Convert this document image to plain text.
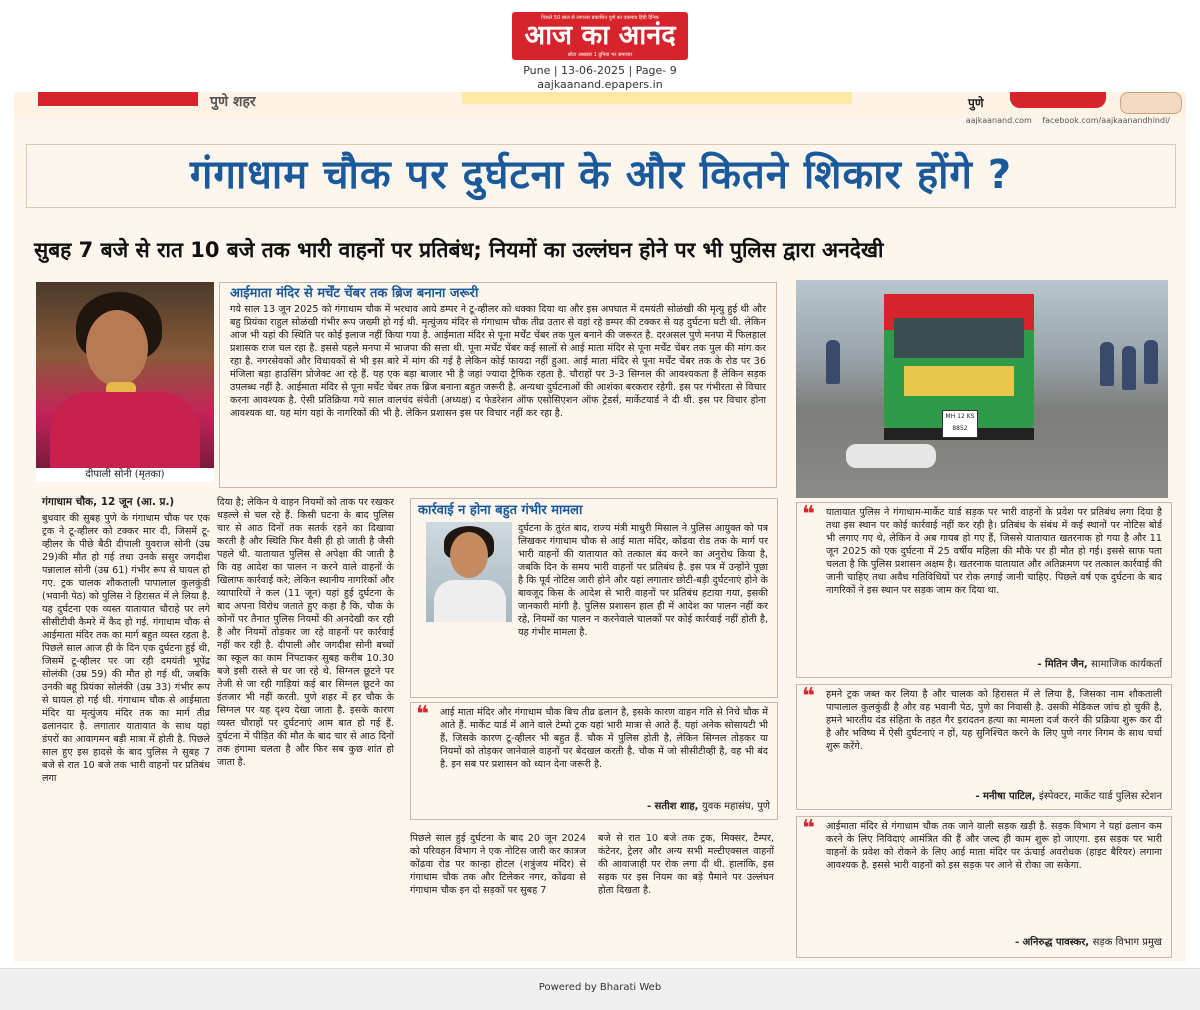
पिछले 50 साल से लगातार प्रकाशित पुणे का एकमात्र हिंदी दैनिक
आज का आनंद
छोटा अखबार 1 दुनिया भर समाचार
Pune | 13-06-2025 | Page- 9
aajkaanand.epapers.in
पुणे शहर	पुणे
aajkaanand.com facebook.com/aajkaanandhindi/
गंगाधाम चौक पर दुर्घटना के और कितने शिकार होंगे ?
सुबह 7 बजे से रात 10 बजे तक भारी वाहनों पर प्रतिबंध; नियमों का उल्लंघन होने पर भी पुलिस द्वारा अनदेखी
दीपाली सोनी (मृतका)
आईमाता मंदिर से मर्चेंट चेंबर तक ब्रिज बनाना जरूरी
गये साल 13 जून 2025 को गंगाधाम चौक में भरधाव आये डम्पर ने टू-व्हीलर को धक्का दिया था और इस अपघात में दमयंती सोळंखी की मृत्यु हुई थी और बहु प्रियंका राहुल सोळंखी गंभीर रूप जख्मी हो गई थी. मृत्युंजय मंदिर से गंगाधाम चौक तीव्र उतार से वहां रहे डम्पर की टक्कर से यह दुर्घटना घटी थी. लेकिन आज भी यहां की स्थिति पर कोई इलाज नहीं किया गया है. आईमाता मंदिर से पूना मर्चेंट चेंबर तक पुल बनाने की जरूरत है. दरअसल पुणे मनपा में फिलहाल प्रशासक राज चल रहा है. इससे पहले मनपा में भाजपा की सत्ता थी. पूना मर्चेंट चेंबर कई सालों से आई माता मंदिर से पूना मर्चेंट चेंबर तक पुल की मांग कर रहा है. नगरसेवकों और विधायकों से भी इस बारे में मांग की गई है लेकिन कोई फायदा नहीं हुआ. आई माता मंदिर से पूना मर्चेंट चेंबर तक के रोड पर 36 मंजिला बड़ा हाउसिंग प्रोजेक्ट आ रहे हैं. यह एक बड़ा बाजार भी है जहां ज्यादा ट्रैफिक रहता है. चौराहों पर 3-3 सिग्नल की आवश्यकता हैं लेकिन सड़क उपलब्ध नहीं है. आईमाता मंदिर से पूना मर्चेंट चेंबर तक ब्रिज बनाना बहुत जरूरी है. अन्यथा दुर्घटनाओं की आशंका बरकरार रहेगी. इस पर गंभीरता से विचार करना आवश्यक है. ऐसी प्रतिक्रिया गये साल वालचंद संचेती (अध्यक्ष) द फेडरेशन ऑफ एसोसिएशन ऑफ ट्रेडर्स, मार्केटयार्ड ने दी थी. इस पर विचार होना आवश्यक था. यह मांग यहां के नागरिकों की भी है. लेकिन प्रशासन इस पर विचार नहीं कर रहा है.	MH 12 KS 8852
गंगाधाम चौक, 12 जून (आ. प्र.)
बुधवार की सुबह पुणे के गंगाधाम चौक पर एक ट्रक ने टू-व्हीलर को टक्कर मार दी, जिसमें टू-व्हीलर के पीछे बैठी दीपाली युवराज सोनी (उम्र 29)की मौत हो गई तथा उनके ससुर जगदीश पन्नालाल सोनी (उम्र 61) गंभीर रूप से घायल हो गए. ट्रक चालक शौकताली पापालाल कुलकुंडी (भवानी पेठ) को पुलिस ने हिरासत में ले लिया है. यह दुर्घटना एक व्यस्त यातायात चौराहे पर लगे सीसीटीवी कैमरे में कैद हो गई. गंगाधाम चौक से आईमाता मंदिर तक का मार्ग बहुत व्यस्त रहता है. पिछले साल आज ही के दिन एक दुर्घटना हुई थी, जिसमें टू-व्हीलर पर जा रही दमयंती भूपेंद्र सोलंकी (उम्र 59) की मौत हो गई थी, जबकि उनकी बहू प्रियंका सोलंकी (उम्र 33) गंभीर रूप से घायल हो गई थी. गंगाधाम चौक से आईमाता मंदिर या मृत्युंजय मंदिर तक का मार्ग तीव्र ढलानदार है. लगातार यातायात के साथ यहां डंपरों का आवागमन बड़ी मात्रा में होती है. पिछले साल हुए इस हादसे के बाद पुलिस ने सुबह 7 बजे से रात 10 बजे तक भारी वाहनों पर प्रतिबंध लगा
दिया है; लेकिन ये वाहन नियमों को ताक पर रखकर धड़ल्ले से चल रहे हैं. किसी घटना के बाद पुलिस चार से आठ दिनों तक सतर्क रहने का दिखावा करती है और स्थिति फिर वैसी ही हो जाती है जैसी पहले थी. यातायात पुलिस से अपेक्षा की जाती है कि वह आदेश का पालन न करने वाले वाहनों के खिलाफ कार्रवाई करे; लेकिन स्थानीय नागरिकों और व्यापारियों ने कल (11 जून) यहां हुई दुर्घटना के बाद अपना विरोध जताते हुए कहा है कि, चौक के कोनों पर तैनात पुलिस नियमों की अनदेखी कर रही है और नियमों तोड़कर जा रहे वाहनों पर कार्रवाई नहीं कर रही है. दीपाली और जगदीश सोनी बच्चों का स्कूल का काम निपटाकर सुबह करीब 10.30 बजे इसी रास्ते से घर जा रहे थे. सिग्नल छूटने पर तेजी से जा रही गाड़ियां कई बार सिग्नल छूटने का इंतजार भी नहीं करती. पुणे शहर में हर चौक के सिग्नल पर यह दृश्य देखा जाता है. इसके कारण व्यस्त चौराहों पर दुर्घटनाएं आम बात हो गई हैं. दुर्घटना में पीड़ित की मौत के बाद चार से आठ दिनों तक हंगामा चलता है और फिर सब कुछ शांत हो जाता है.
कार्रवाई न होना बहुत गंभीर मामला
दुर्घटना के तुरंत बाद, राज्य मंत्री माधुरी मिसाल ने पुलिस आयुक्त को पत्र लिखकर गंगाधाम चौक से आई माता मंदिर, कोंढवा रोड तक के मार्ग पर भारी वाहनों की यातायात को तत्काल बंद करने का अनुरोध किया है, जबकि दिन के समय भारी वाहनों पर प्रतिबंध है. इस पत्र में उन्होंने पूछा है कि पूर्व नोटिस जारी होने और यहां लगातार छोटी-बड़ी दुर्घटनाएं होने के बावजूद किस के आदेश से भारी वाहनों पर प्रतिबंध हटाया गया, इसकी जानकारी मांगी है. पुलिस प्रशासन हाल ही में आदेश का पालन नहीं कर रहे, नियमों का पालन न करनेवाले चालकों पर कोई कार्रवाई नहीं होती है, यह गंभीर मामला है.
❝ आई माता मंदिर और गंगाधाम चौक बिच तीव्र ढलान है, इसके कारण वाहन गति से निचे चौक में आते हैं. मार्केट यार्ड में आने वाले टेम्पो ट्रक यहां भारी मात्रा से आते हैं. यहां अनेक सोसायटी भी हैं, जिसके कारण टू-व्हीलर भी बहुत हैं. चौक में पुलिस होती है, लेकिन सिग्नल तोड़कर या नियमों को तोड़कर जानेवाले वाहनों पर बेदखल करती है. चौक में जो सीसीटीव्ही है, वह भी बंद है. इन सब पर प्रशासन को ध्यान देना जरूरी है.
- सतीश शाह, युवक महासंघ, पुणे
पिछले साल हुई दुर्घटना के बाद 20 जून 2024 को परिवहन विभाग ने एक नोटिस जारी कर कात्रज कोंढवा रोड पर कान्हा होटल (शत्रुंजय मंदिर) से गंगाधाम चौक तक और टिलेकर नगर, कोंढवा से गंगाधाम चौक इन दो सड़कों पर सुबह 7
बजे से रात 10 बजे तक ट्रक, मिक्सर, टैम्पर, कंटेनर, ट्रेलर और अन्य सभी मल्टीएक्सल वाहनों की आवाजाही पर रोक लगा दी थी. हालांकि, इस सड़क पर इस नियम का बड़े पैमाने पर उल्लंघन होता दिखता है.
❝ यातायात पुलिस ने गंगाधाम-मार्केट यार्ड सड़क पर भारी वाहनों के प्रवेश पर प्रतिबंध लगा दिया है तथा इस स्थान पर कोई कार्रवाई नहीं कर रही है। प्रतिबंध के संबंध में कई स्थानों पर नोटिस बोर्ड भी लगाए गए थे, लेकिन वे अब गायब हो गए हैं, जिससे यातायात खतरनाक हो गया है और 11 जून 2025 को एक दुर्घटना में 25 वर्षीय महिला की मौके पर ही मौत हो गई। इससे साफ पता चलता है कि पुलिस प्रशासन अक्षम है। खतरनाक यातायात और अतिक्रमण पर तत्काल कार्रवाई की जानी चाहिए तथा अवैध गतिविधियों पर रोक लगाई जानी चाहिए. पिछले वर्ष एक दुर्घटना के बाद नागरिकों ने इस स्थान पर सड़क जाम कर दिया था.
- मितिन जैन, सामाजिक कार्यकर्ता
❝ हमने ट्रक जब्त कर लिया है और चालक को हिरासत में ले लिया है, जिसका नाम शौकताली पापालाल कुलकुंडी है और वह भवानी पेठ, पुणे का निवासी है. उसकी मेडिकल जांच हो चुकी है, हमने भारतीय दंड संहिता के तहत गैर इरादतन हत्या का मामला दर्ज करने की प्रक्रिया शुरू कर दी है और भविष्य में ऐसी दुर्घटनाएं न हों, यह सुनिश्चित करने के लिए पुणे नगर निगम के साथ चर्चा शुरू करेंगे.
- मनीषा पाटिल, इंस्पेक्टर, मार्केट यार्ड पुलिस स्टेशन
❝ आईमाता मंदिर से गंगाधाम चौक तक जाने वाली सड़क खड़ी है. सड़क विभाग ने यहां ढलान कम करने के लिए निविदाएं आमंत्रित की हैं और जल्द ही काम शुरू हो जाएगा. इस सड़क पर भारी वाहनों के प्रवेश को रोकने के लिए आई माता मंदिर पर ऊंचाई अवरोधक (हाइट बैरियर) लगाना आवश्यक है. इससे भारी वाहनों को इस सड़क पर आने से रोका जा सकेगा.
- अनिरुद्ध पावस्कर, सड़क विभाग प्रमुख
Powered by Bharati Web
